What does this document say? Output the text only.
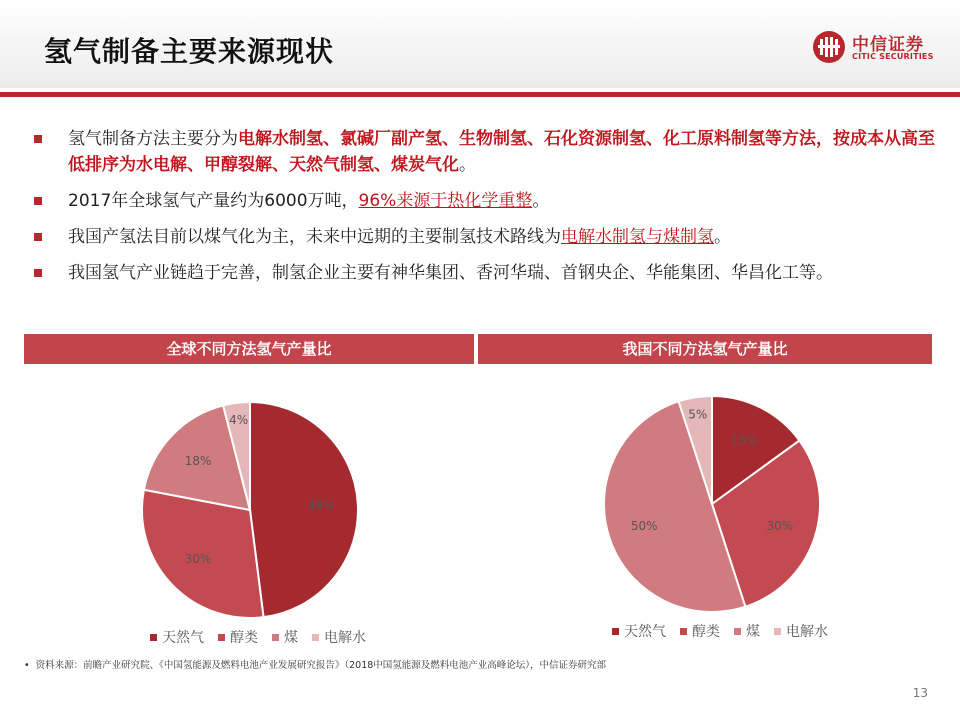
氢气制备主要来源现状	中信证券
CITIC SECURITIES
氢气制备方法主要分为电解水制氢、氯碱厂副产氢、生物制氢、石化资源制氢、化工原料制氢等方法，按成本从高至低排序为水电解、甲醇裂解、天然气制氢、煤炭气化。
2017年全球氢气产量约为6000万吨，96%来源于热化学重整。
我国产氢法目前以煤气化为主，未来中远期的主要制氢技术路线为电解水制氢与煤制氢。
我国氢气产业链趋于完善，制氢企业主要有神华集团、香河华瑞、首钢央企、华能集团、华昌化工等。
全球不同方法氢气产量比	我国不同方法氢气产量比
48%
30%
18%
4%
15%
30%
50%
5%
天然气 醇类 煤 电解水	天然气 醇类 煤 电解水
• 资料来源：前瞻产业研究院、《中国氢能源及燃料电池产业发展研究报告》（2018中国氢能源及燃料电池产业高峰论坛），中信证券研究部
13
